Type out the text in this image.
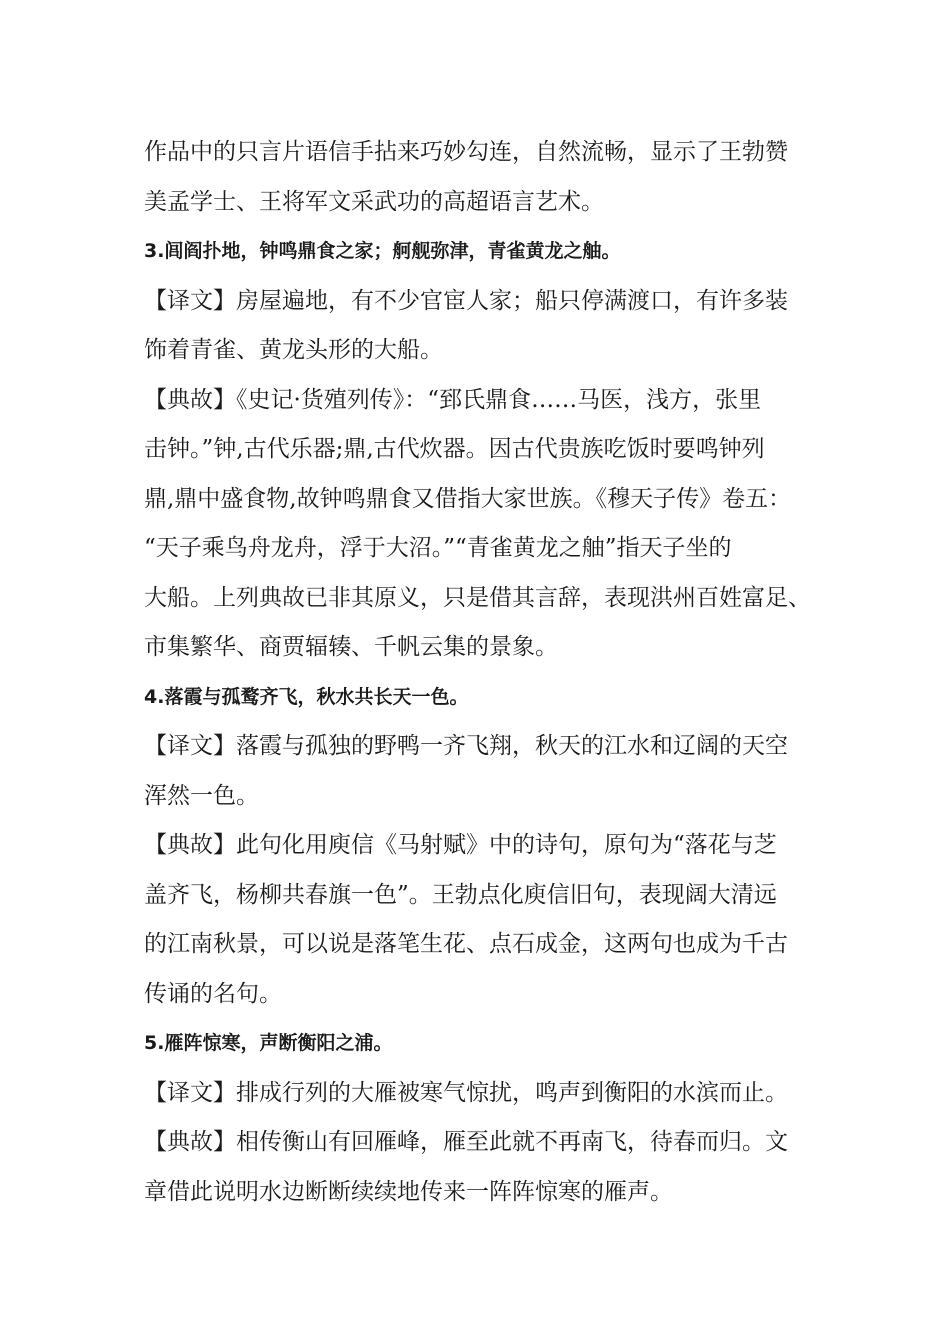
作品中的只言片语信手拈来巧妙勾连，自然流畅，显示了王勃赞
美孟学士、王将军文采武功的高超语言艺术。
3.闾阎扑地，钟鸣鼎食之家；舸舰弥津，青雀黄龙之舳。
【译文】房屋遍地，有不少官宦人家；船只停满渡口，有许多装
饰着青雀、黄龙头形的大船。
【典故】《史记·货殖列传》：“郅氏鼎食……马医，浅方，张里
击钟。”钟,古代乐器;鼎,古代炊器。因古代贵族吃饭时要鸣钟列
鼎,鼎中盛食物,故钟鸣鼎食又借指大家世族。《穆天子传》卷五：
“天子乘鸟舟龙舟，浮于大沼。”“青雀黄龙之舳”指天子坐的
大船。上列典故已非其原义，只是借其言辞，表现洪州百姓富足、
市集繁华、商贾辐辏、千帆云集的景象。
4.落霞与孤鹜齐飞，秋水共长天一色。
【译文】落霞与孤独的野鸭一齐飞翔，秋天的江水和辽阔的天空
浑然一色。
【典故】此句化用庾信《马射赋》中的诗句，原句为“落花与芝
盖齐飞，杨柳共春旗一色”。王勃点化庾信旧句，表现阔大清远
的江南秋景，可以说是落笔生花、点石成金，这两句也成为千古
传诵的名句。
5.雁阵惊寒，声断衡阳之浦。
【译文】排成行列的大雁被寒气惊扰，鸣声到衡阳的水滨而止。
【典故】相传衡山有回雁峰，雁至此就不再南飞，待春而归。文
章借此说明水边断断续续地传来一阵阵惊寒的雁声。
